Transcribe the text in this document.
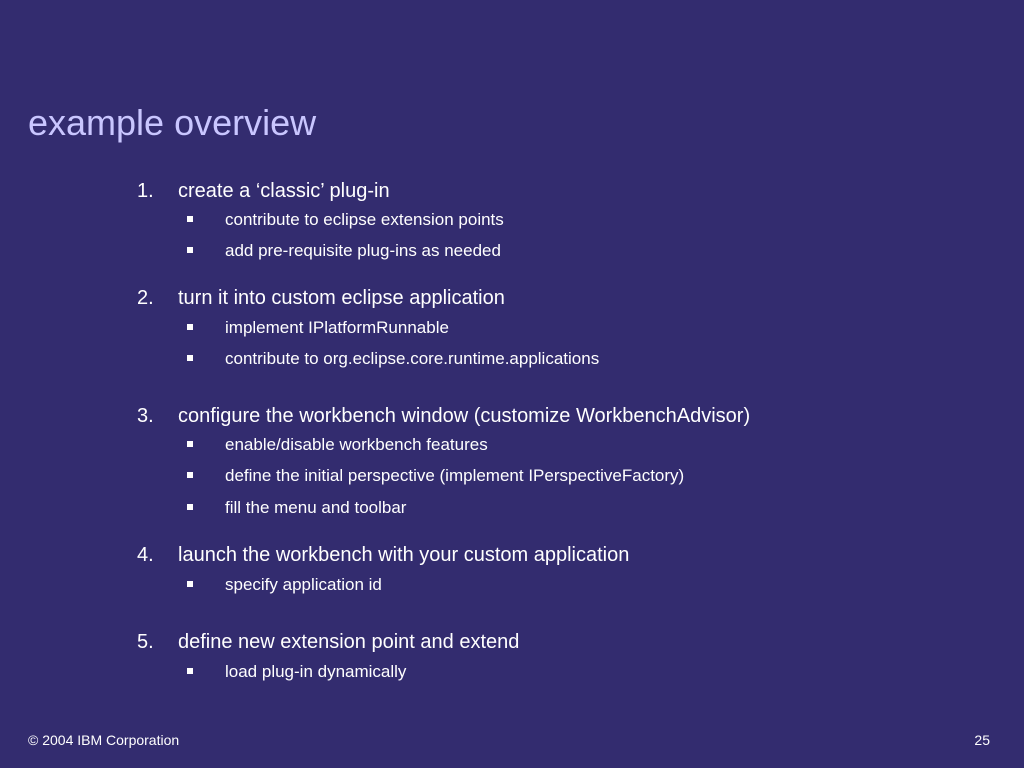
example overview
1. create a ‘classic’ plug-in
contribute to eclipse extension points
add pre-requisite plug-ins as needed
2. turn it into custom eclipse application
implement IPlatformRunnable
contribute to org.eclipse.core.runtime.applications
3. configure the workbench window (customize WorkbenchAdvisor)
enable/disable workbench features
define the initial perspective (implement IPerspectiveFactory)
fill the menu and toolbar
4. launch the workbench with your custom application
specify application id
5. define new extension point and extend
load plug-in dynamically
© 2004 IBM Corporation	25
